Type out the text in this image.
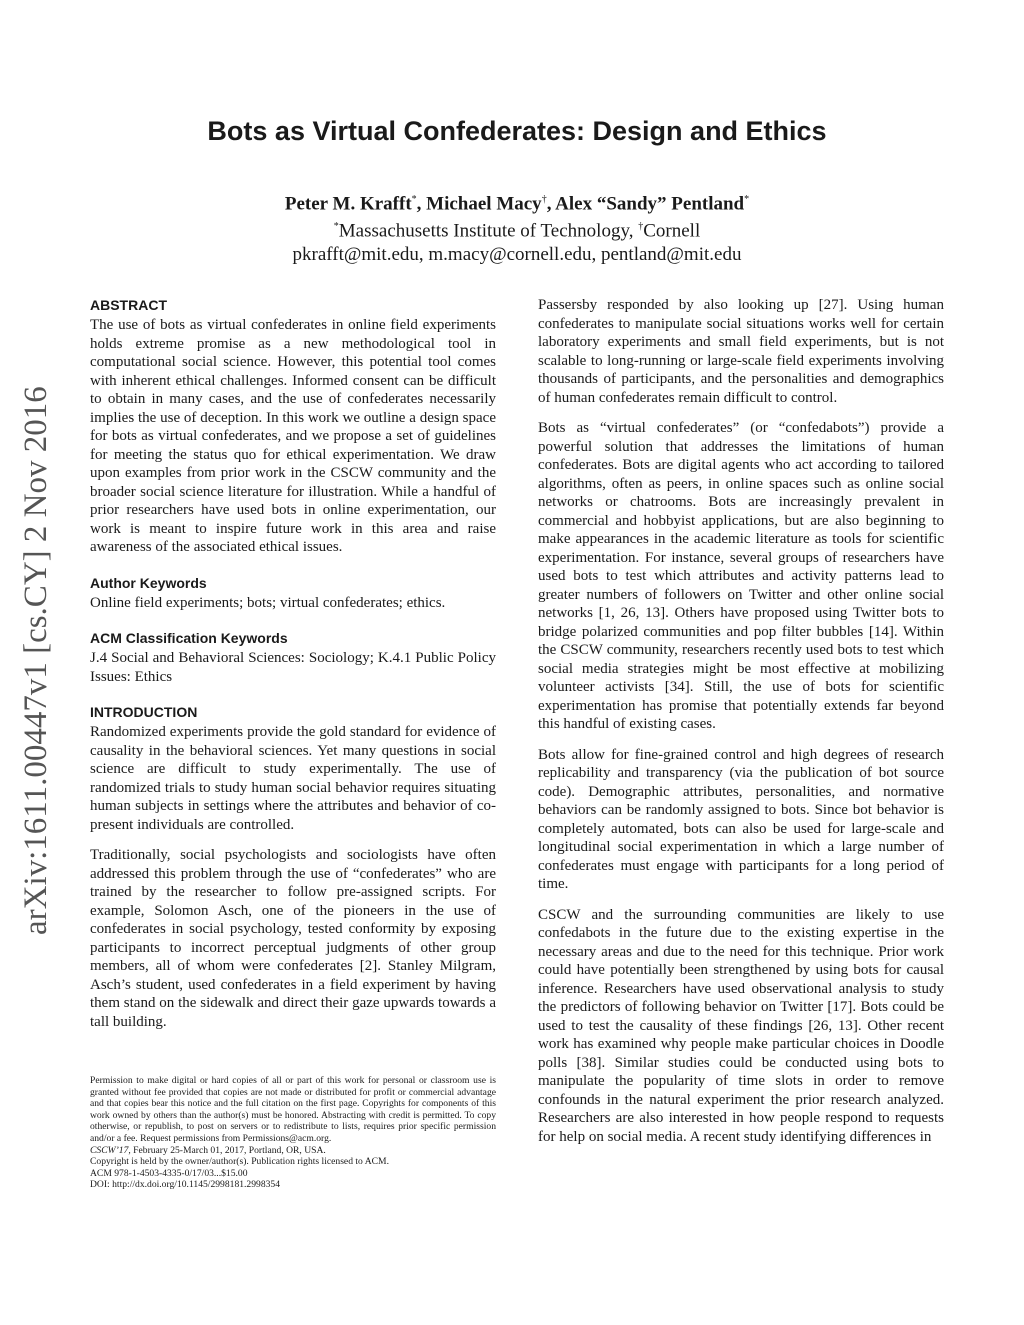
arXiv:1611.00447v1 [cs.CY] 2 Nov 2016
Bots as Virtual Confederates: Design and Ethics
Peter M. Krafft*, Michael Macy†, Alex “Sandy” Pentland*
*Massachusetts Institute of Technology, †Cornell
pkrafft@mit.edu, m.macy@cornell.edu, pentland@mit.edu
ABSTRACT

The use of bots as virtual confederates in online field experiments holds extreme promise as a new methodological tool in computational social science. However, this potential tool comes with inherent ethical challenges. Informed consent can be difficult to obtain in many cases, and the use of confederates necessarily implies the use of deception. In this work we outline a design space for bots as virtual confederates, and we propose a set of guidelines for meeting the status quo for ethical experimentation. We draw upon examples from prior work in the CSCW community and the broader social science literature for illustration. While a handful of prior researchers have used bots in online experimentation, our work is meant to inspire future work in this area and raise awareness of the associated ethical issues.

Author Keywords

Online field experiments; bots; virtual confederates; ethics.

ACM Classification Keywords

J.4 Social and Behavioral Sciences: Sociology; K.4.1 Public Policy Issues: Ethics

INTRODUCTION

Randomized experiments provide the gold standard for evidence of causality in the behavioral sciences. Yet many questions in social science are difficult to study experimentally. The use of randomized trials to study human social behavior requires situating human subjects in settings where the attributes and behavior of co-present individuals are controlled.

Traditionally, social psychologists and sociologists have often addressed this problem through the use of “confederates” who are trained by the researcher to follow pre-assigned scripts. For example, Solomon Asch, one of the pioneers in the use of confederates in social psychology, tested conformity by exposing participants to incorrect perceptual judgments of other group members, all of whom were confederates [2]. Stanley Milgram, Asch’s student, used confederates in a field experiment by having them stand on the sidewalk and direct their gaze upwards towards a tall building.

Permission to make digital or hard copies of all or part of this work for personal or classroom use is granted without fee provided that copies are not made or distributed for profit or commercial advantage and that copies bear this notice and the full citation on the first page. Copyrights for components of this work owned by others than the author(s) must be honored. Abstracting with credit is permitted. To copy otherwise, or republish, to post on servers or to redistribute to lists, requires prior specific permission and/or a fee. Request permissions from Permissions@acm.org.

CSCW’17, February 25-March 01, 2017, Portland, OR, USA.

Copyright is held by the owner/author(s). Publication rights licensed to ACM.

ACM 978-1-4503-4335-0/17/03...$15.00

DOI: http://dx.doi.org/10.1145/2998181.2998354

Passersby responded by also looking up [27]. Using human confederates to manipulate social situations works well for certain laboratory experiments and small field experiments, but is not scalable to long-running or large-scale field experiments involving thousands of participants, and the personalities and demographics of human confederates remain difficult to control.

Bots as “virtual confederates” (or “confedabots”) provide a powerful solution that addresses the limitations of human confederates. Bots are digital agents who act according to tailored algorithms, often as peers, in online spaces such as online social networks or chatrooms. Bots are increasingly prevalent in commercial and hobbyist applications, but are also beginning to make appearances in the academic literature as tools for scientific experimentation. For instance, several groups of researchers have used bots to test which attributes and activity patterns lead to greater numbers of followers on Twitter and other online social networks [1, 26, 13]. Others have proposed using Twitter bots to bridge polarized communities and pop filter bubbles [14]. Within the CSCW community, researchers recently used bots to test which social media strategies might be most effective at mobilizing volunteer activists [34]. Still, the use of bots for scientific experimentation has promise that potentially extends far beyond this handful of existing cases.

Bots allow for fine-grained control and high degrees of research replicability and transparency (via the publication of bot source code). Demographic attributes, personalities, and normative behaviors can be randomly assigned to bots. Since bot behavior is completely automated, bots can also be used for large-scale and longitudinal social experimentation in which a large number of confederates must engage with participants for a long period of time.

CSCW and the surrounding communities are likely to use confedabots in the future due to the existing expertise in the necessary areas and due to the need for this technique. Prior work could have potentially been strengthened by using bots for causal inference. Researchers have used observational analysis to study the predictors of following behavior on Twitter [17]. Bots could be used to test the causality of these findings [26, 13]. Other recent work has examined why people make particular choices in Doodle polls [38]. Similar studies could be conducted using bots to manipulate the popularity of time slots in order to remove confounds in the natural experiment the prior research analyzed. Researchers are also interested in how people respond to requests for help on social media. A recent study identifying differences in
